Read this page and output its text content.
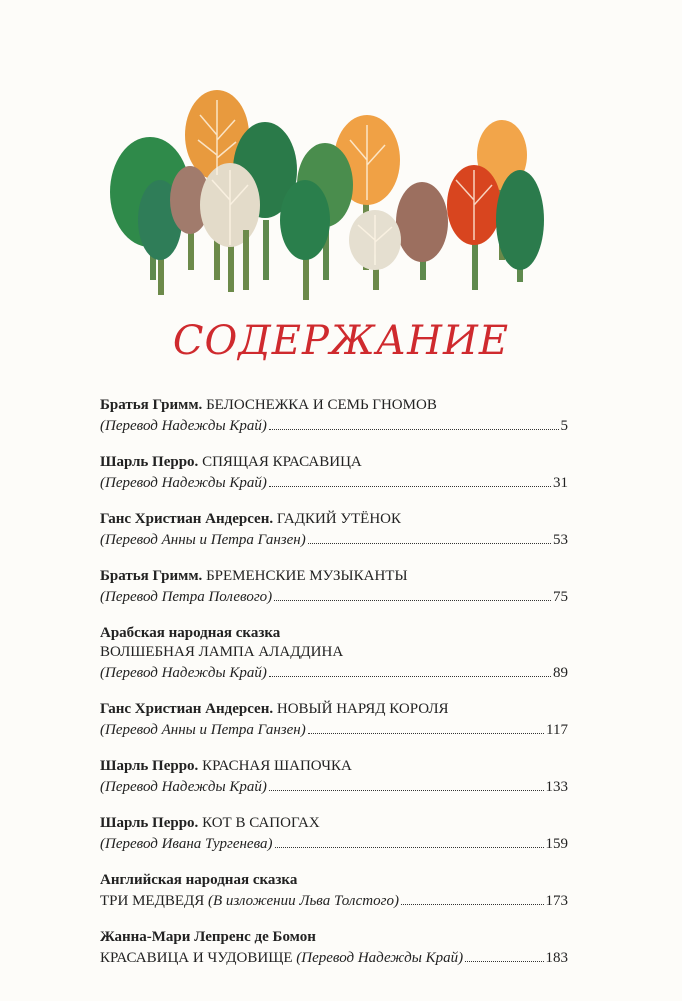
СОДЕРЖАНИЕ
Братья Гримм. БЕЛОСНЕЖКА И СЕМЬ ГНОМОВ
(Перевод Надежды Край)	5
Шарль Перро. СПЯЩАЯ КРАСАВИЦА
(Перевод Надежды Край)	31
Ганс Христиан Андерсен. ГАДКИЙ УТЁНОК
(Перевод Анны и Петра Ганзен)	53
Братья Гримм. БРЕМЕНСКИЕ МУЗЫКАНТЫ
(Перевод Петра Полевого)	75
Арабская народная сказка
ВОЛШЕБНАЯ ЛАМПА АЛАДДИНА
(Перевод Надежды Край)	89
Ганс Христиан Андерсен. НОВЫЙ НАРЯД КОРОЛЯ
(Перевод Анны и Петра Ганзен)	117
Шарль Перро. КРАСНАЯ ШАПОЧКА
(Перевод Надежды Край)	133
Шарль Перро. КОТ В САПОГАХ
(Перевод Ивана Тургенева)	159
Английская народная сказка
ТРИ МЕДВЕДЯ
(В изложении Льва Толстого)	173
Жанна-Мари Лепренс де Бомон
КРАСАВИЦА И ЧУДОВИЩЕ
(Перевод Надежды Край)	183
